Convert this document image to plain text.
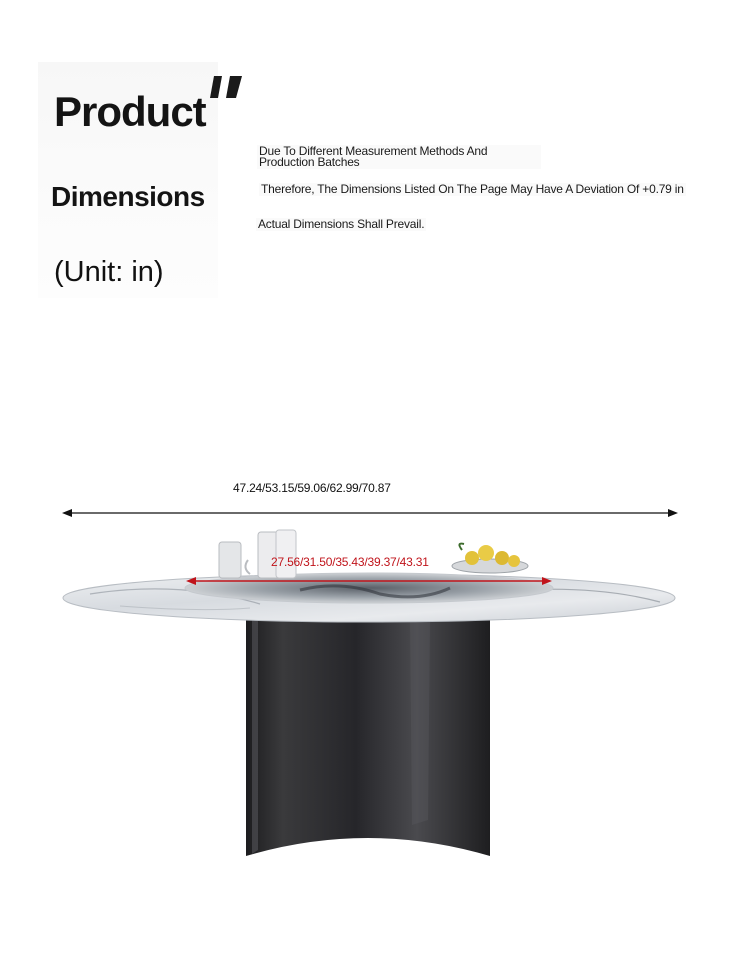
Product
Dimensions
(Unit: in)
Due To Different Measurement Methods And Production Batches
Therefore, The Dimensions Listed On The Page May Have A Deviation Of +0.79 in
Actual Dimensions Shall Prevail.
47.24/53.15/59.06/62.99/70.87
27.56/31.50/35.43/39.37/43.31
